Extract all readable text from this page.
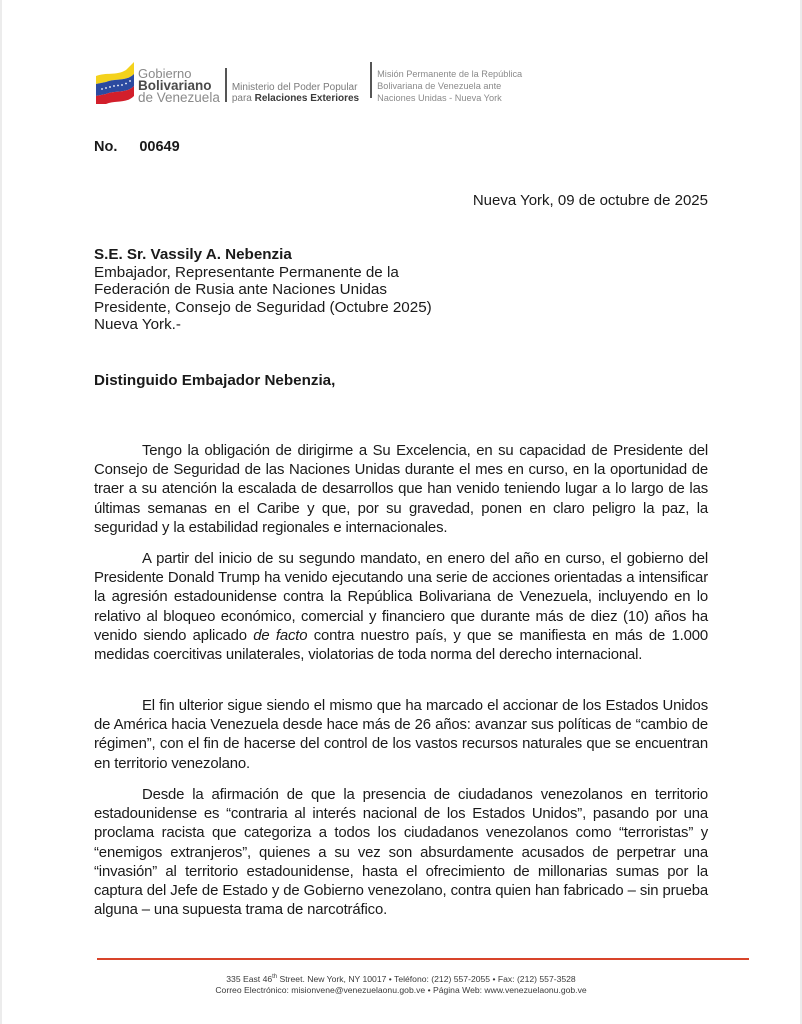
Gobierno
Bolivariano
de Venezuela
Ministerio del Poder Popular
para Relaciones Exteriores
Misión Permanente de la República
Bolivariana de Venezuela ante
Naciones Unidas - Nueva York
No. 00649
Nueva York, 09 de octubre de 2025
S.E. Sr. Vassily A. Nebenzia
Embajador, Representante Permanente de la
Federación de Rusia ante Naciones Unidas
Presidente, Consejo de Seguridad (Octubre 2025)
Nueva York.-
Distinguido Embajador Nebenzia,

Tengo la obligación de dirigirme a Su Excelencia, en su capacidad de Presidente del Consejo de Seguridad de las Naciones Unidas durante el mes en curso, en la oportunidad de traer a su atención la escalada de desarrollos que han venido teniendo lugar a lo largo de las últimas semanas en el Caribe y que, por su gravedad, ponen en claro peligro la paz, la seguridad y la estabilidad regionales e internacionales.

A partir del inicio de su segundo mandato, en enero del año en curso, el gobierno del Presidente Donald Trump ha venido ejecutando una serie de acciones orientadas a intensificar la agresión estadounidense contra la República Bolivariana de Venezuela, incluyendo en lo relativo al bloqueo económico, comercial y financiero que durante más de diez (10) años ha venido siendo aplicado de facto contra nuestro país, y que se manifiesta en más de 1.000 medidas coercitivas unilaterales, violatorias de toda norma del derecho internacional.

El fin ulterior sigue siendo el mismo que ha marcado el accionar de los Estados Unidos de América hacia Venezuela desde hace más de 26 años: avanzar sus políticas de “cambio de régimen”, con el fin de hacerse del control de los vastos recursos naturales que se encuentran en territorio venezolano.

Desde la afirmación de que la presencia de ciudadanos venezolanos en territorio estadounidense es “contraria al interés nacional de los Estados Unidos”, pasando por una proclama racista que categoriza a todos los ciudadanos venezolanos como “terroristas” y “enemigos extranjeros”, quienes a su vez son absurdamente acusados de perpetrar una “invasión” al territorio estadounidense, hasta el ofrecimiento de millonarias sumas por la captura del Jefe de Estado y de Gobierno venezolano, contra quien han fabricado – sin prueba alguna – una supuesta trama de narcotráfico.

335 East 46th Street. New York, NY 10017 • Teléfono: (212) 557-2055 • Fax: (212) 557-3528
Correo Electrónico: misionvene@venezuelaonu.gob.ve • Página Web: www.venezuelaonu.gob.ve
